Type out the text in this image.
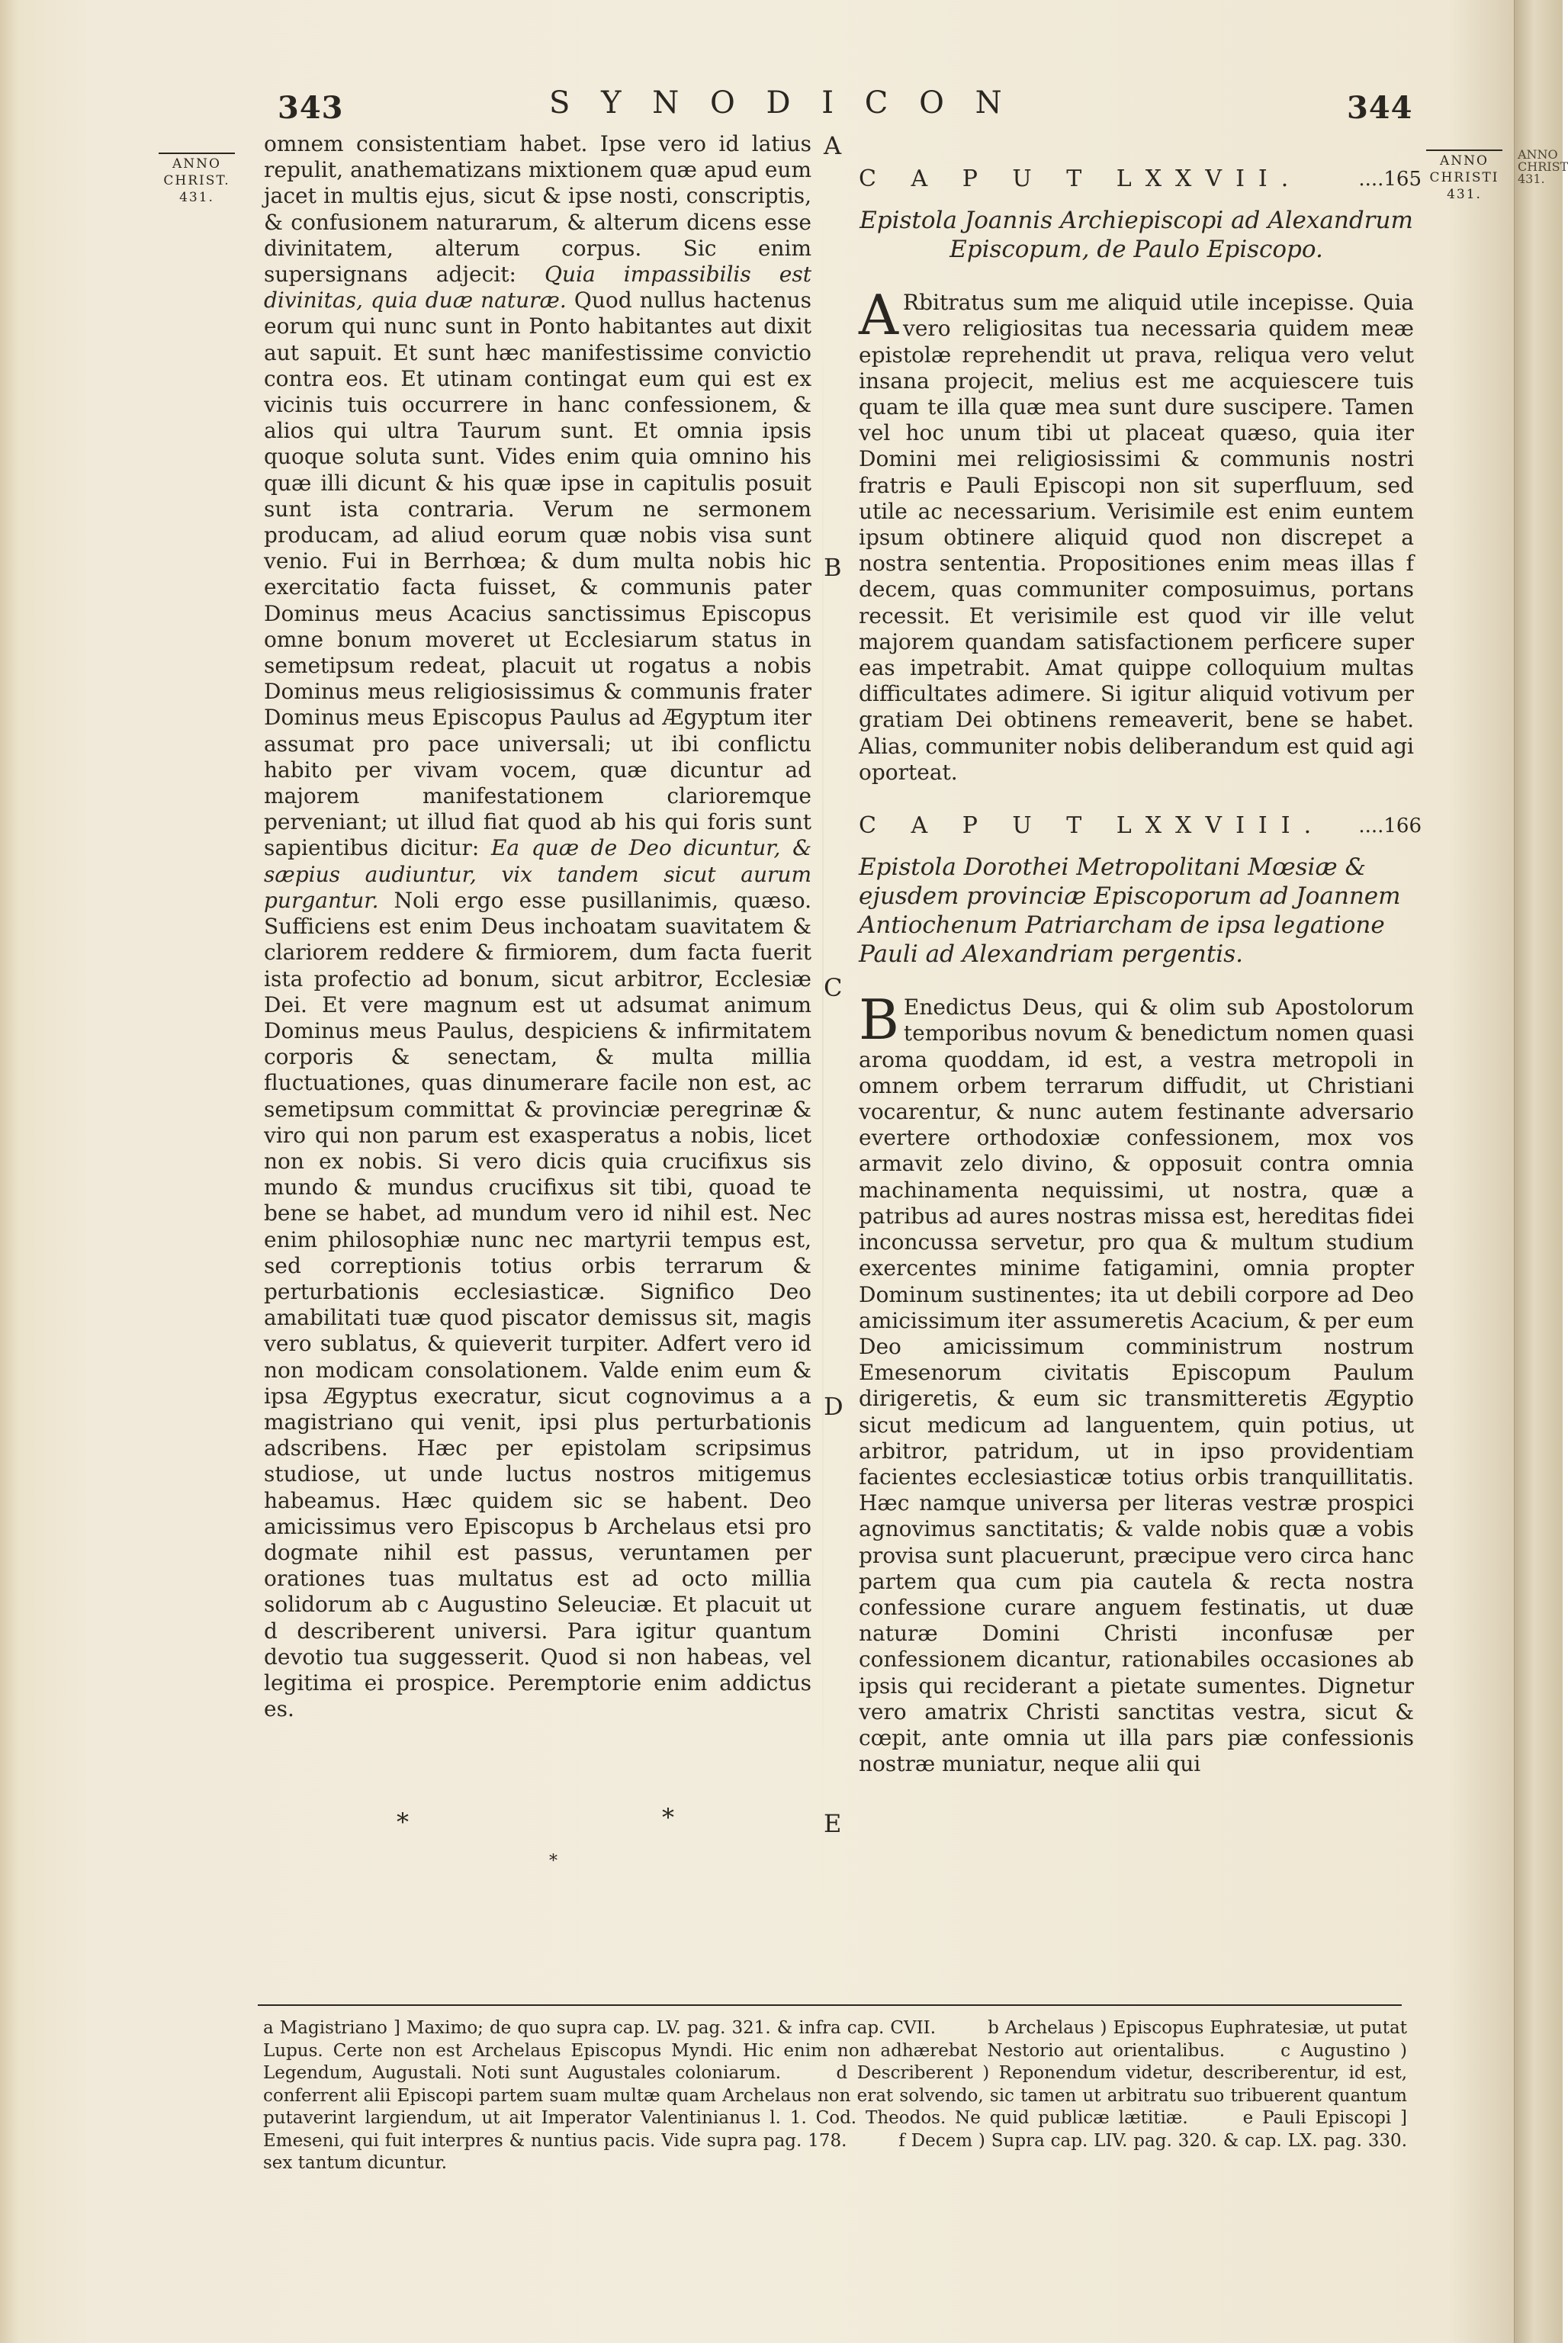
ANNO
CHRIST
431.
343	S Y N O D I C O N	344
ANNO
CHRIST.
431.
ANNO
CHRISTI
431.
A
B
C
D
E

omnem consistentiam habet. Ipse vero id latius repulit, anathematizans mixtionem quæ apud eum jacet in multis ejus, sicut & ipse nosti, conscriptis, & confusionem naturarum, & alterum dicens esse divinitatem, alterum corpus. Sic enim supersignans adjecit: Quia impassibilis est divinitas, quia duæ naturæ. Quod nullus hactenus eorum qui nunc sunt in Ponto habitantes aut dixit aut sapuit. Et sunt hæc manifestissime convictio contra eos. Et utinam contingat eum qui est ex vicinis tuis occurrere in hanc confessionem, & alios qui ultra Taurum sunt. Et omnia ipsis quoque soluta sunt. Vides enim quia omnino his quæ illi dicunt & his quæ ipse in capitulis posuit sunt ista contraria. Verum ne sermonem producam, ad aliud eorum quæ nobis visa sunt venio. Fui in Berrhœa; & dum multa nobis hic exercitatio facta fuisset, & communis pater Dominus meus Acacius sanctissimus Episcopus omne bonum moveret ut Ecclesiarum status in semetipsum redeat, placuit ut rogatus a nobis Dominus meus religiosissimus & communis frater Dominus meus Episcopus Paulus ad Ægyptum iter assumat pro pace universali; ut ibi conflictu habito per vivam vocem, quæ dicuntur ad majorem manifestationem clarioremque perveniant; ut illud fiat quod ab his qui foris sunt sapientibus dicitur: Ea quæ de Deo dicuntur, & sæpius audiuntur, vix tandem sicut aurum purgantur. Noli ergo esse pusillanimis, quæso. Sufficiens est enim Deus inchoatam suavitatem & clariorem reddere & firmiorem, dum facta fuerit ista profectio ad bonum, sicut arbitror, Ecclesiæ Dei. Et vere magnum est ut adsumat animum Dominus meus Paulus, despiciens & infirmitatem corporis & senectam, & multa millia fluctuationes, quas dinumerare facile non est, ac semetipsum committat & provinciæ peregrinæ & viro qui non parum est exasperatus a nobis, licet non ex nobis. Si vero dicis quia crucifixus sis mundo & mundus crucifixus sit tibi, quoad te bene se habet, ad mundum vero id nihil est. Nec enim philosophiæ nunc nec martyrii tempus est, sed correptionis totius orbis terrarum & perturbationis ecclesiasticæ. Significo Deo amabilitati tuæ quod piscator demissus sit, magis vero sublatus, & quieverit turpiter. Adfert vero id non modicam consolationem. Valde enim eum & ipsa Ægyptus execratur, sicut cognovimus a a magistriano qui venit, ipsi plus perturbationis adscribens. Hæc per epistolam scripsimus studiose, ut unde luctus nostros mitigemus habeamus. Hæc quidem sic se habent. Deo amicissimus vero Episcopus b Archelaus etsi pro dogmate nihil est passus, veruntamen per orationes tuas multatus est ad octo millia solidorum ab c Augustino Seleuciæ. Et placuit ut d describerent universi. Para igitur quantum devotio tua suggesserit. Quod si non habeas, vel legitima ei prospice. Peremptorie enim addictus es.

*	*
*
C A P U T LXXVII.	....165
Epistola Joannis Archiepiscopi ad Alexandrum Episcopum, de Paulo Episcopo.

A Rbitratus sum me aliquid utile incepisse. Quia vero religiositas tua necessaria quidem meæ epistolæ reprehendit ut prava, reliqua vero velut insana projecit, melius est me acquiescere tuis quam te illa quæ mea sunt dure suscipere. Tamen vel hoc unum tibi ut placeat quæso, quia iter Domini mei religiosissimi & communis nostri fratris e Pauli Episcopi non sit superfluum, sed utile ac necessarium. Verisimile est enim euntem ipsum obtinere aliquid quod non discrepet a nostra sententia. Propositiones enim meas illas f decem, quas communiter composuimus, portans recessit. Et verisimile est quod vir ille velut majorem quandam satisfactionem perficere super eas impetrabit. Amat quippe colloquium multas difficultates adimere. Si igitur aliquid votivum per gratiam Dei obtinens remeaverit, bene se habet. Alias, communiter nobis deliberandum est quid agi oporteat.

C A P U T LXXVIII. ....166
Epistola Dorothei Metropolitani Mœsiæ & ejusdem provinciæ Episcoporum ad Joannem Antiochenum Patriarcham de ipsa legatione Pauli ad Alexandriam pergentis.

B Enedictus Deus, qui & olim sub Apostolorum temporibus novum & benedictum nomen quasi aroma quoddam, id est, a vestra metropoli in omnem orbem terrarum diffudit, ut Christiani vocarentur, & nunc autem festinante adversario evertere orthodoxiæ confessionem, mox vos armavit zelo divino, & opposuit contra omnia machinamenta nequissimi, ut nostra, quæ a patribus ad aures nostras missa est, hereditas fidei inconcussa servetur, pro qua & multum studium exercentes minime fatigamini, omnia propter Dominum sustinentes; ita ut debili corpore ad Deo amicissimum iter assumeretis Acacium, & per eum Deo amicissimum comministrum nostrum Emesenorum civitatis Episcopum Paulum dirigeretis, & eum sic transmitteretis Ægyptio sicut medicum ad languentem, quin potius, ut arbitror, patridum, ut in ipso providentiam facientes ecclesiasticæ totius orbis tranquillitatis. Hæc namque universa per literas vestræ prospici agnovimus sanctitatis; & valde nobis quæ a vobis provisa sunt placuerunt, præcipue vero circa hanc partem qua cum pia cautela & recta nostra confessione curare anguem festinatis, ut duæ naturæ Domini Christi inconfusæ per confessionem dicantur, rationabiles occasiones ab ipsis qui reciderant a pietate sumentes. Dignetur vero amatrix Christi sanctitas vestra, sicut & cœpit, ante omnia ut illa pars piæ confessionis nostræ muniatur, neque alii qui

a Magistriano ] Maximo; de quo supra cap. LV. pag. 321. & infra cap. CVII.	b Archelaus ) Episcopus Euphratesiæ, ut putat Lupus. Certe non est Archelaus Episcopus Myndi. Hic enim non adhærebat Nestorio aut orientalibus.	c Augustino ) Legendum, Augustali. Noti sunt Augustales coloniarum.	d Describerent ) Reponendum videtur, describerentur, id est, conferrent alii Episcopi partem suam multæ quam Archelaus non erat solvendo, sic tamen ut arbitratu suo tribuerent quantum putaverint largiendum, ut ait Imperator Valentinianus l. 1. Cod. Theodos. Ne quid publicæ lætitiæ.	e Pauli Episcopi ] Emeseni, qui fuit interpres & nuntius pacis. Vide supra pag. 178.	f Decem ) Supra cap. LIV. pag. 320. & cap. LX. pag. 330. sex tantum dicuntur.
